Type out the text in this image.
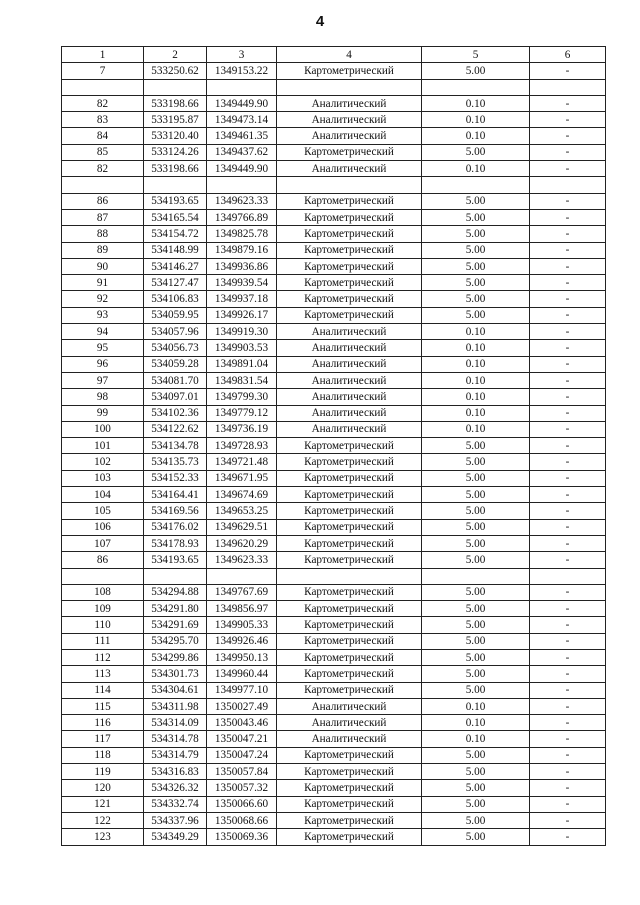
4
1	2	3	4	5	6
7	533250.62	1349153.22	Картометрический	5.00	-

82	533198.66	1349449.90	Аналитический	0.10	-
83	533195.87	1349473.14	Аналитический	0.10	-
84	533120.40	1349461.35	Аналитический	0.10	-
85	533124.26	1349437.62	Картометрический	5.00	-
82	533198.66	1349449.90	Аналитический	0.10	-

86	534193.65	1349623.33	Картометрический	5.00	-
87	534165.54	1349766.89	Картометрический	5.00	-
88	534154.72	1349825.78	Картометрический	5.00	-
89	534148.99	1349879.16	Картометрический	5.00	-
90	534146.27	1349936.86	Картометрический	5.00	-
91	534127.47	1349939.54	Картометрический	5.00	-
92	534106.83	1349937.18	Картометрический	5.00	-
93	534059.95	1349926.17	Картометрический	5.00	-
94	534057.96	1349919.30	Аналитический	0.10	-
95	534056.73	1349903.53	Аналитический	0.10	-
96	534059.28	1349891.04	Аналитический	0.10	-
97	534081.70	1349831.54	Аналитический	0.10	-
98	534097.01	1349799.30	Аналитический	0.10	-
99	534102.36	1349779.12	Аналитический	0.10	-
100	534122.62	1349736.19	Аналитический	0.10	-
101	534134.78	1349728.93	Картометрический	5.00	-
102	534135.73	1349721.48	Картометрический	5.00	-
103	534152.33	1349671.95	Картометрический	5.00	-
104	534164.41	1349674.69	Картометрический	5.00	-
105	534169.56	1349653.25	Картометрический	5.00	-
106	534176.02	1349629.51	Картометрический	5.00	-
107	534178.93	1349620.29	Картометрический	5.00	-
86	534193.65	1349623.33	Картометрический	5.00	-

108	534294.88	1349767.69	Картометрический	5.00	-
109	534291.80	1349856.97	Картометрический	5.00	-
110	534291.69	1349905.33	Картометрический	5.00	-
111	534295.70	1349926.46	Картометрический	5.00	-
112	534299.86	1349950.13	Картометрический	5.00	-
113	534301.73	1349960.44	Картометрический	5.00	-
114	534304.61	1349977.10	Картометрический	5.00	-
115	534311.98	1350027.49	Аналитический	0.10	-
116	534314.09	1350043.46	Аналитический	0.10	-
117	534314.78	1350047.21	Аналитический	0.10	-
118	534314.79	1350047.24	Картометрический	5.00	-
119	534316.83	1350057.84	Картометрический	5.00	-
120	534326.32	1350057.32	Картометрический	5.00	-
121	534332.74	1350066.60	Картометрический	5.00	-
122	534337.96	1350068.66	Картометрический	5.00	-
123	534349.29	1350069.36	Картометрический	5.00	-
